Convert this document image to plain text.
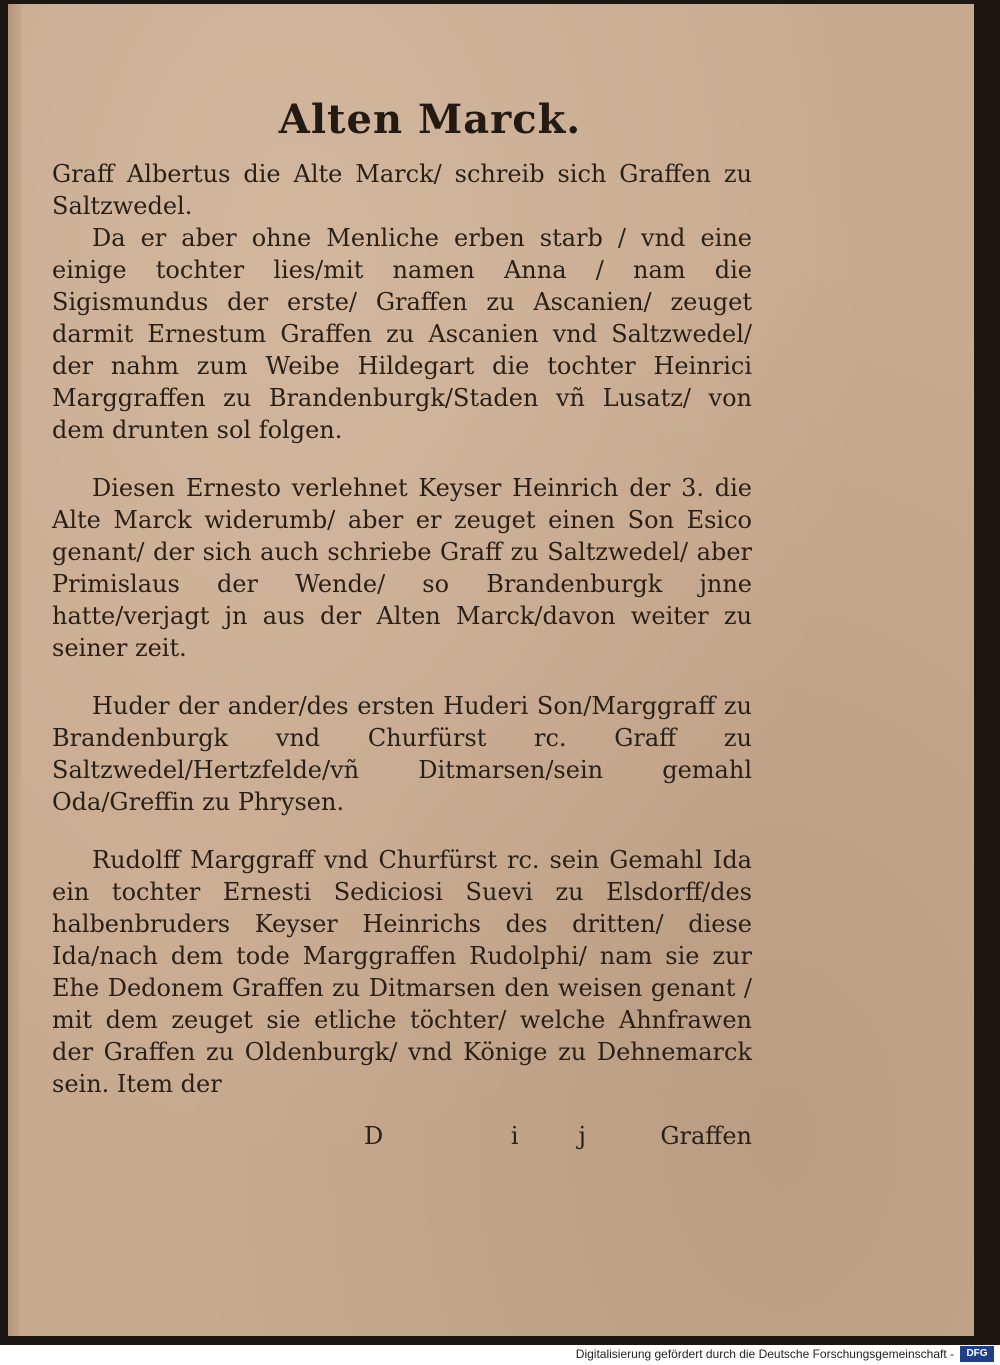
Alten Marck.

Graff Albertus die Alte Marck/ schreib sich Graffen zu Saltzwedel.

Da er aber ohne Menliche erben starb / vnd eine einige tochter lies/mit namen Anna / nam die Sigismundus der erste/ Graffen zu Ascanien/ zeuget darmit Ernestum Graffen zu Ascanien vnd Saltzwedel/ der nahm zum Weibe Hildegart die tochter Heinrici Marggraffen zu Brandenburgk/Staden vñ Lusatz/ von dem drunten sol folgen.

Diesen Ernesto verlehnet Keyser Heinrich der 3. die Alte Marck widerumb/ aber er zeuget einen Son Esico genant/ der sich auch schriebe Graff zu Saltzwedel/ aber Primislaus der Wende/ so Brandenburgk jnne hatte/verjagt jn aus der Alten Marck/davon weiter zu seiner zeit.

Huder der ander/des ersten Huderi Son/Marggraff zu Brandenburgk vnd Churfürst rc. Graff zu Saltzwedel/Hertzfelde/vñ Ditmarsen/sein gemahl Oda/Greffin zu Phrysen.

Rudolff Marggraff vnd Churfürst rc. sein Gemahl Ida ein tochter Ernesti Sediciosi Suevi zu Elsdorff/des halbenbruders Keyser Heinrichs des dritten/ diese Ida/nach dem tode Marggraffen Rudolphi/ nam sie zur Ehe Dedonem Graffen zu Ditmarsen den weisen genant / mit dem zeuget sie etliche töchter/ welche Ahnfrawen der Graffen zu Oldenburgk/ vnd Könige zu Dehnemarck sein. Item der

D ij Graffen
Digitalisierung gefördert durch die Deutsche Forschungsgemeinschaft -	DFG
